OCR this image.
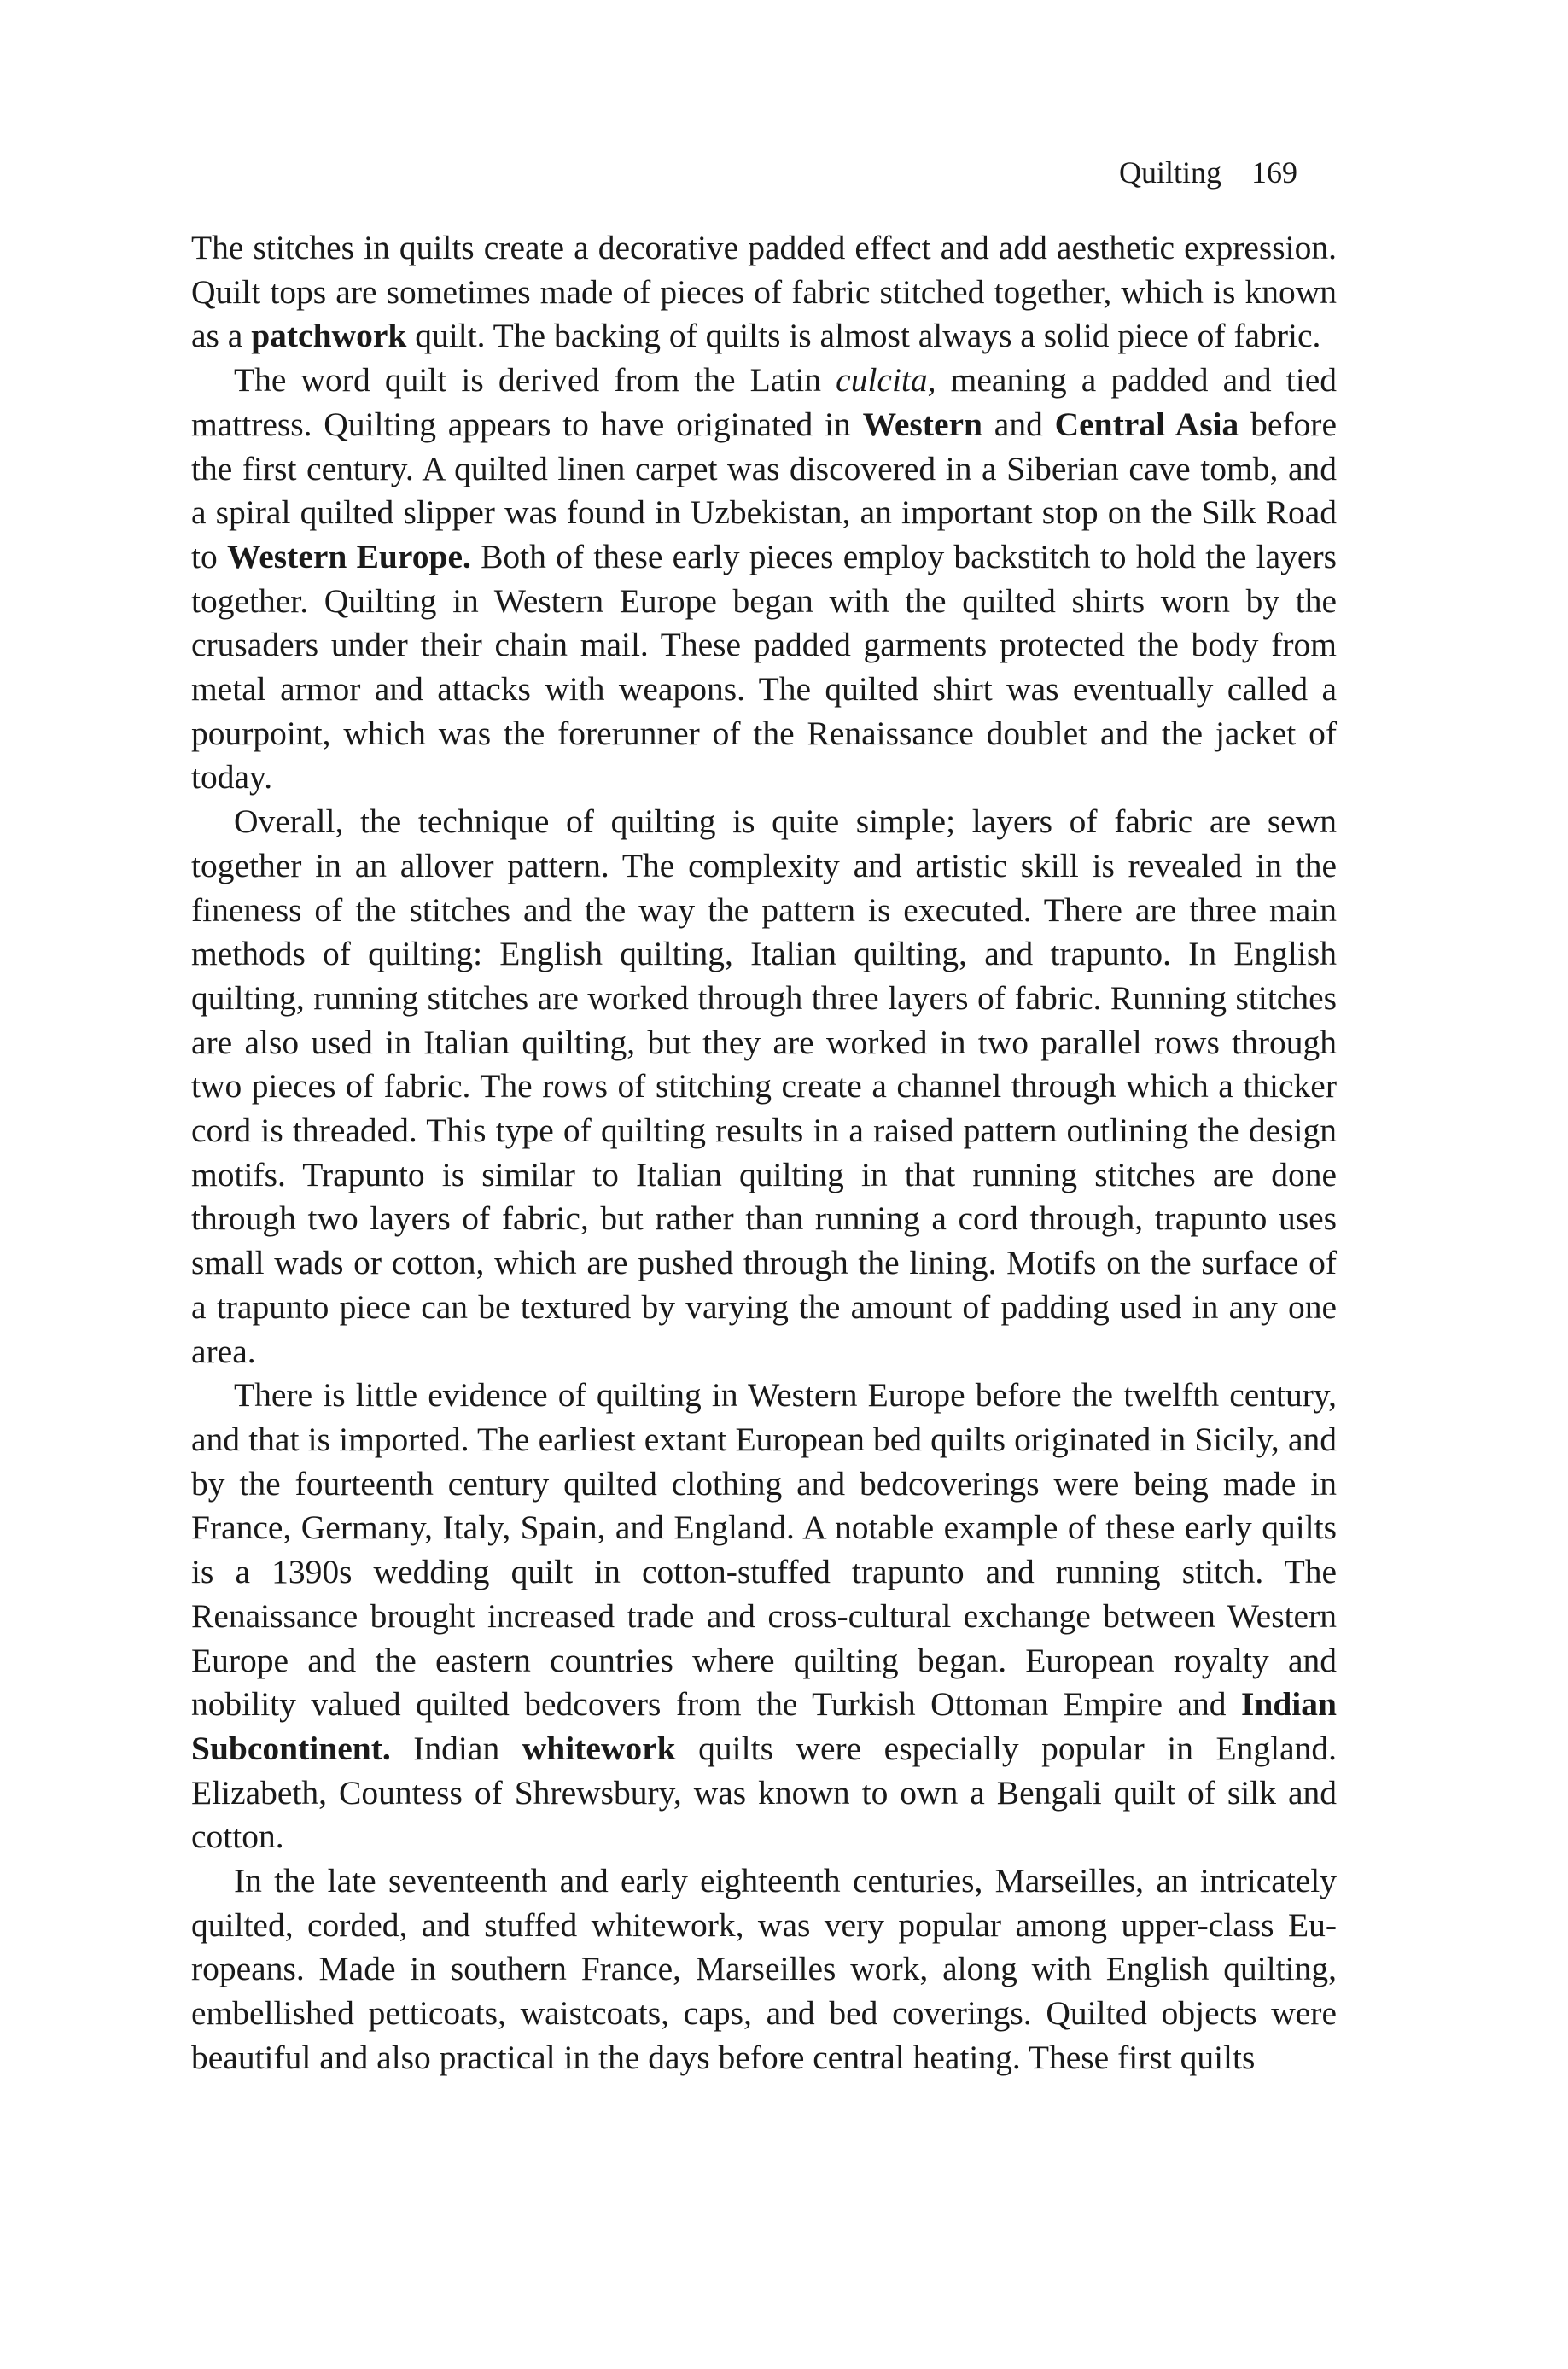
Quilting 169

The stitches in quilts create a decorative padded effect and add aesthetic expression. Quilt tops are sometimes made of pieces of fabric stitched together, which is known as a patchwork quilt. The backing of quilts is almost always a solid piece of fabric.

The word quilt is derived from the Latin culcita, meaning a padded and tied mattress. Quilting appears to have originated in Western and Central Asia before the first century. A quilted linen carpet was discovered in a Siberian cave tomb, and a spiral quilted slipper was found in Uzbekistan, an important stop on the Silk Road to Western Europe. Both of these early pieces employ backstitch to hold the layers together. Quilting in Western Europe began with the quilted shirts worn by the crusaders under their chain mail. These padded garments protected the body from metal armor and attacks with weapons. The quilted shirt was eventually called a pourpoint, which was the forerunner of the Renaissance doublet and the jacket of today.

Overall, the technique of quilting is quite simple; layers of fabric are sewn together in an allover pattern. The complexity and artistic skill is revealed in the fineness of the stitches and the way the pattern is executed. There are three main methods of quilting: English quilting, Italian quilting, and trapunto. In English quilting, running stitches are worked through three layers of fabric. Running stitches are also used in Italian quilting, but they are worked in two parallel rows through two pieces of fabric. The rows of stitching create a channel through which a thicker cord is threaded. This type of quilting results in a raised pattern outlining the design motifs. Trapunto is similar to Italian quilting in that running stitches are done through two layers of fabric, but rather than running a cord through, trapunto uses small wads or cotton, which are pushed through the lining. Motifs on the surface of a trapunto piece can be textured by varying the amount of padding used in any one area.

There is little evidence of quilting in Western Europe before the twelfth century, and that is imported. The earliest extant European bed quilts originated in Sicily, and by the fourteenth century quilted clothing and bedcoverings were being made in France, Germany, Italy, Spain, and England. A notable example of these early quilts is a 1390s wedding quilt in cotton-stuffed trapunto and running stitch. The Renaissance brought increased trade and cross-cultural exchange between Western Europe and the eastern countries where quilting began. European royalty and nobility valued quilted bedcovers from the Turkish Ottoman Empire and Indian Subcontinent. Indian whitework quilts were especially popular in England. Elizabeth, Countess of Shrewsbury, was known to own a Bengali quilt of silk and cotton.

In the late seventeenth and early eighteenth centuries, Marseilles, an intricately quilted, corded, and stuffed whitework, was very popular among upper-class Europeans. Made in southern France, Marseilles work, along with English quilting, embellished petticoats, waistcoats, caps, and bed coverings. Quilted objects were beautiful and also practical in the days before central heating. These first quilts
